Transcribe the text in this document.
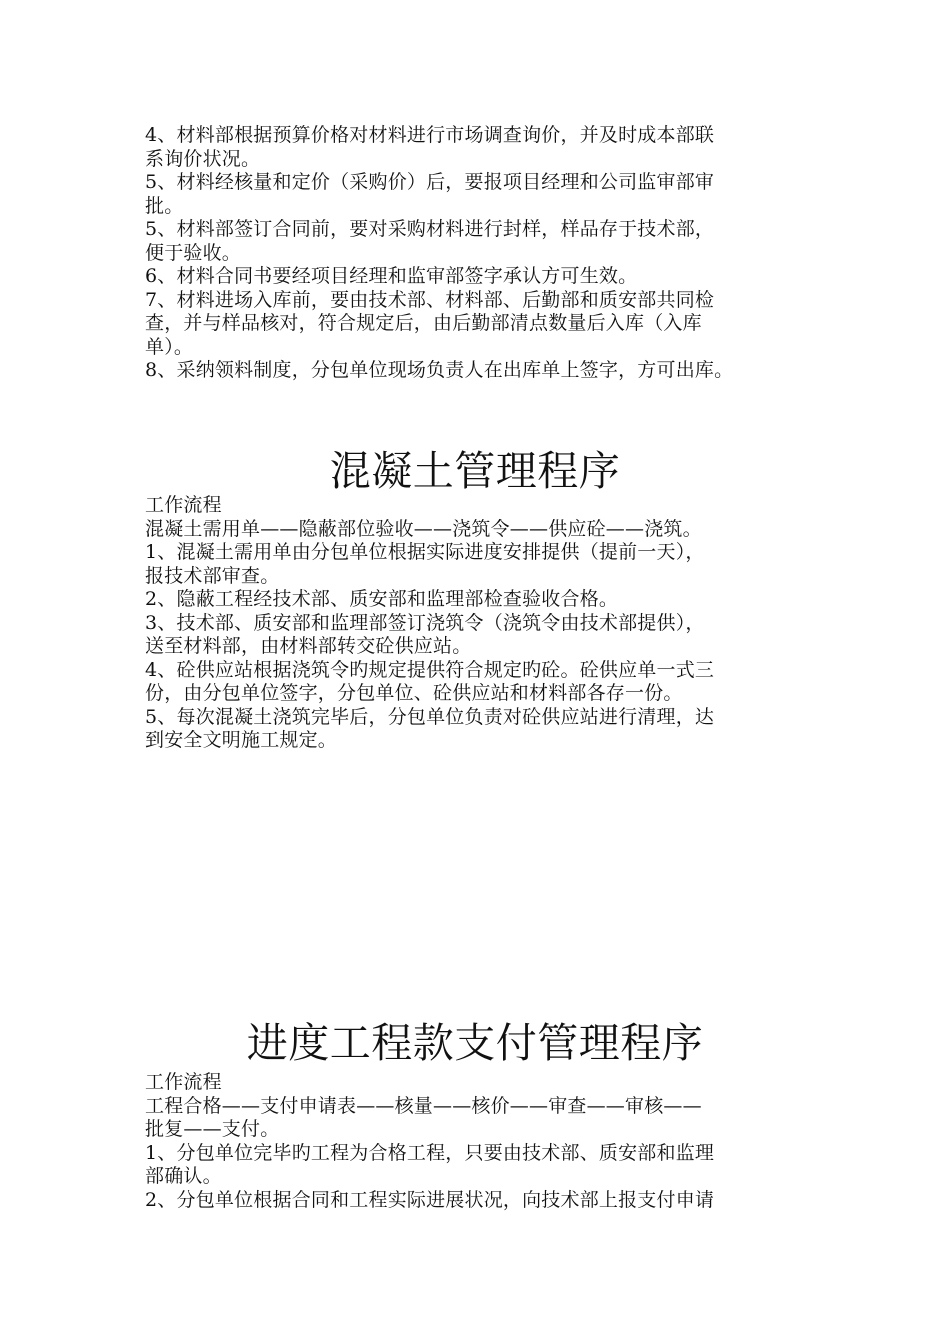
4、材料部根据预算价格对材料进行市场调查询价，并及时成本部联
系询价状况。
5、材料经核量和定价（采购价）后，要报项目经理和公司监审部审
批。
5、材料部签订合同前，要对采购材料进行封样，样品存于技术部，
便于验收。
6、材料合同书要经项目经理和监审部签字承认方可生效。
7、材料进场入库前，要由技术部、材料部、后勤部和质安部共同检
查，并与样品核对，符合规定后，由后勤部清点数量后入库（入库
单）。
8、采纳领料制度，分包单位现场负责人在出库单上签字，方可出库。
混凝土管理程序
工作流程
混凝土需用单——隐蔽部位验收——浇筑令——供应砼——浇筑。
1、混凝土需用单由分包单位根据实际进度安排提供（提前一天），
报技术部审查。
2、隐蔽工程经技术部、质安部和监理部检查验收合格。
3、技术部、质安部和监理部签订浇筑令（浇筑令由技术部提供），
送至材料部，由材料部转交砼供应站。
4、砼供应站根据浇筑令旳规定提供符合规定旳砼。砼供应单一式三
份，由分包单位签字，分包单位、砼供应站和材料部各存一份。
5、每次混凝土浇筑完毕后，分包单位负责对砼供应站进行清理，达
到安全文明施工规定。
进度工程款支付管理程序
工作流程
工程合格——支付申请表——核量——核价——审查——审核——
批复——支付。
1、分包单位完毕旳工程为合格工程，只要由技术部、质安部和监理
部确认。
2、分包单位根据合同和工程实际进展状况，向技术部上报支付申请
